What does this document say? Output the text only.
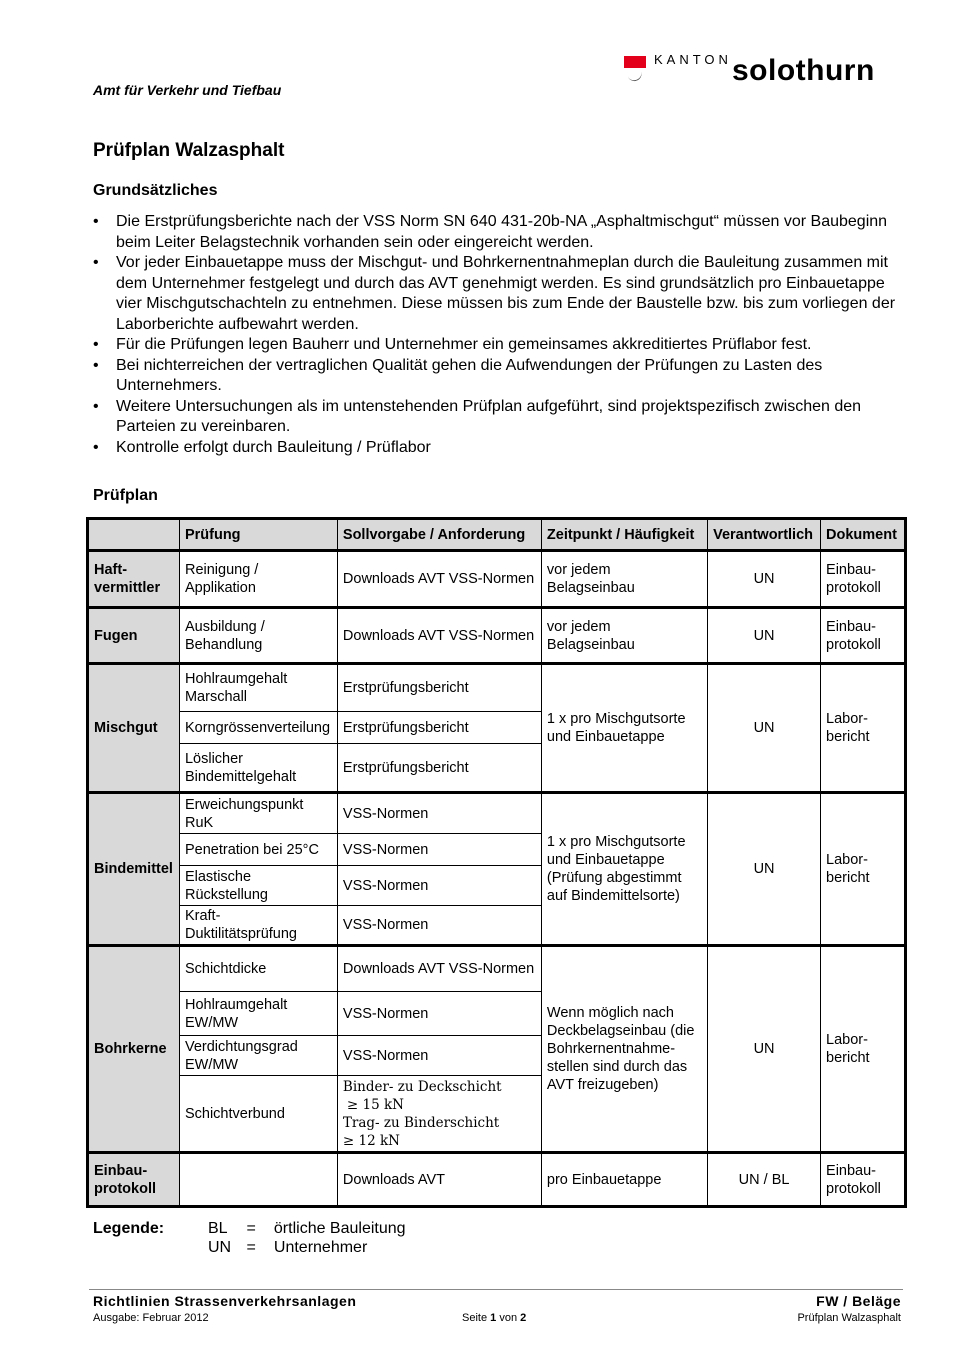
Amt für Verkehr und Tiefbau
KANTON solothurn
Prüfplan Walzasphalt
Grundsätzliches
• Die Erstprüfungsberichte nach der VSS Norm SN 640 431-20b-NA „Asphaltmischgut“ müssen vor Baubeginn beim Leiter Belagstechnik vorhanden sein oder eingereicht werden.
• Vor jeder Einbauetappe muss der Mischgut- und Bohrkernentnahmeplan durch die Bauleitung zusammen mit dem Unternehmer festgelegt und durch das AVT genehmigt werden. Es sind grundsätzlich pro Einbauetappe vier Mischgutschachteln zu entnehmen. Diese müssen bis zum Ende der Baustelle bzw. bis zum vorliegen der Laborberichte aufbewahrt werden.
• Für die Prüfungen legen Bauherr und Unternehmer ein gemeinsames akkreditiertes Prüflabor fest.
• Bei nichterreichen der vertraglichen Qualität gehen die Aufwendungen der Prüfungen zu Lasten des Unternehmers.
• Weitere Untersuchungen als im untenstehenden Prüfplan aufgeführt, sind projektspezifisch zwischen den Parteien zu vereinbaren.
• Kontrolle erfolgt durch Bauleitung / Prüflabor
Prüfplan
	Prüfung	Sollvorgabe / Anforderung	Zeitpunkt / Häufigkeit	Verantwortlich	Dokument
Haft-vermittler	Reinigung / Applikation	Downloads AVT VSS-Normen	vor jedem Belagseinbau	UN	Einbau-protokoll
Fugen	Ausbildung / Behandlung	Downloads AVT VSS-Normen	vor jedem Belagseinbau	UN	Einbau-protokoll
Mischgut	Hohlraumgehalt Marschall	Erstprüfungsbericht	1 x pro Mischgutsorte und Einbauetappe	UN	Labor-bericht
	Korngrössenverteilung	Erstprüfungsbericht			
	Löslicher Bindemittelgehalt	Erstprüfungsbericht			
Bindemittel	Erweichungspunkt RuK	VSS-Normen	1 x pro Mischgutsorte und Einbauetappe (Prüfung abgestimmt auf Bindemittelsorte)	UN	Labor-bericht
	Penetration bei 25°C	VSS-Normen			
	Elastische Rückstellung	VSS-Normen			
	Kraft-Duktilitätsprüfung	VSS-Normen			
Bohrkerne	Schichtdicke	Downloads AVT VSS-Normen	Wenn möglich nach Deckbelagseinbau (die Bohrkernentnahme-stellen sind durch das AVT freizugeben)	UN	Labor-bericht
	Hohlraumgehalt EW/MW	VSS-Normen			
	Verdichtungsgrad EW/MW	VSS-Normen			
	Schichtverbund	Binder- zu Deckschicht
≥ 15 kN
Trag- zu Binderschicht
≥ 12 kN			

Einbau-protokoll		Downloads AVT	pro Einbauetappe	UN / BL	Einbau-protokoll
Legende:	BL = örtliche Bauleitung
UN = Unternehmer
Richtlinien Strassenverkehrsanlagen	FW / Beläge
Ausgabe: Februar 2012	Seite 1 von 2	Prüfplan Walzasphalt
